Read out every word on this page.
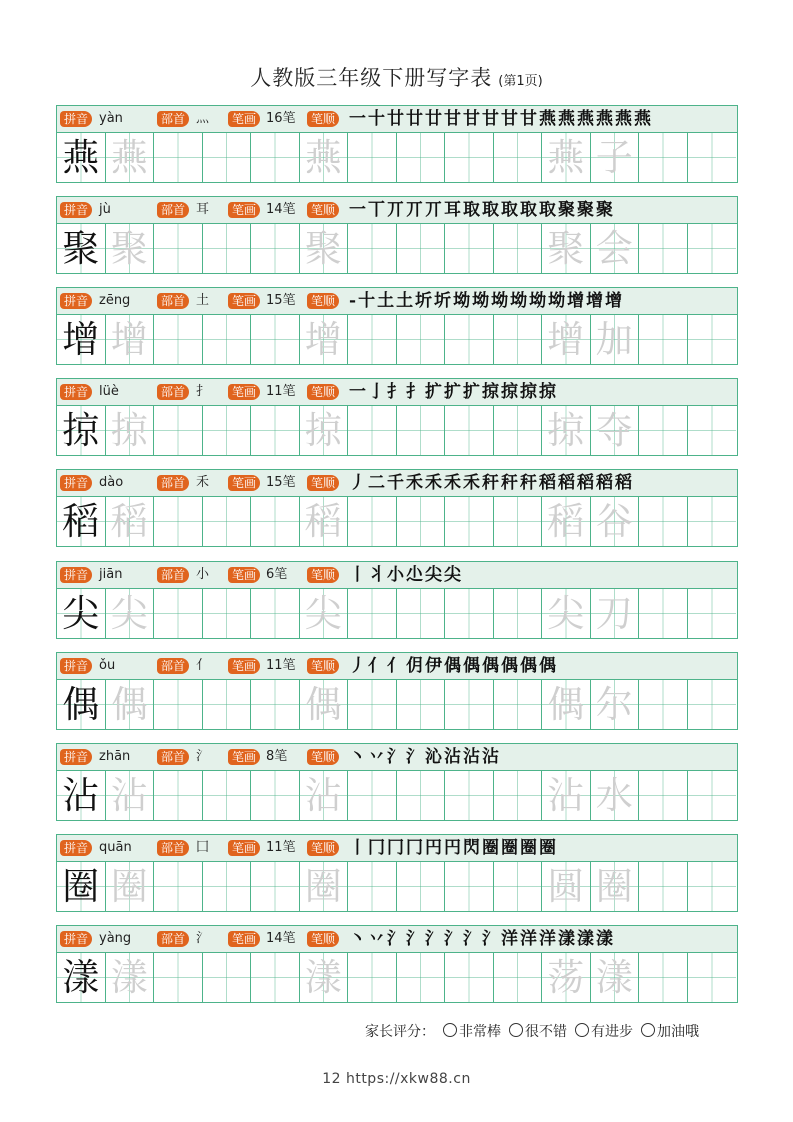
人教版三年级下册写字表 (第1页)
拼音 yàn	部首 灬	笔画 16笔	笔顺 一十廿廿廿甘甘甘甘甘燕燕燕燕燕燕
燕 燕	燕	燕 子
拼音 jù	部首 耳	笔画 14笔	笔顺 一丅丌丌丌耳取取取取取聚聚聚
聚 聚	聚	聚 会
拼音 zēng	部首 土	笔画 15笔	笔顺 -十土土圻圻坳坳坳坳坳坳增增增
增 增	增	增 加
拼音 lüè	部首 扌	笔画 11笔	笔顺 一亅扌扌扩扩扩掠掠掠掠
掠 掠	掠	掠 夺
拼音 dào	部首 禾	笔画 15笔	笔顺 丿二千禾禾禾禾秆秆秆稻稻稻稻稻
稻 稻	稻	稻 谷
拼音 jiān	部首 小	笔画 6笔	笔顺 丨丬小尐尖尖
尖 尖	尖	尖 刀
拼音 ǒu	部首 亻	笔画 11笔	笔顺 丿亻亻仴伊偶偶偶偶偶偶
偶 偶	偶	偶 尔
拼音 zhān	部首 氵	笔画 8笔	笔顺 丶丷氵氵沁沾沾沾
沾 沾	沾	沾 水
拼音 quān	部首 囗	笔画 11笔	笔顺 丨冂冂冂円円閃圈圈圈圈
圈 圈	圈	圆 圈
拼音 yàng	部首 氵	笔画 14笔	笔顺 丶丷氵氵氵氵氵氵洋洋洋漾漾漾
漾 漾	漾	荡 漾
家长评分： 非常棒 很不错 有进步 加油哦
12 https://xkw88.cn
